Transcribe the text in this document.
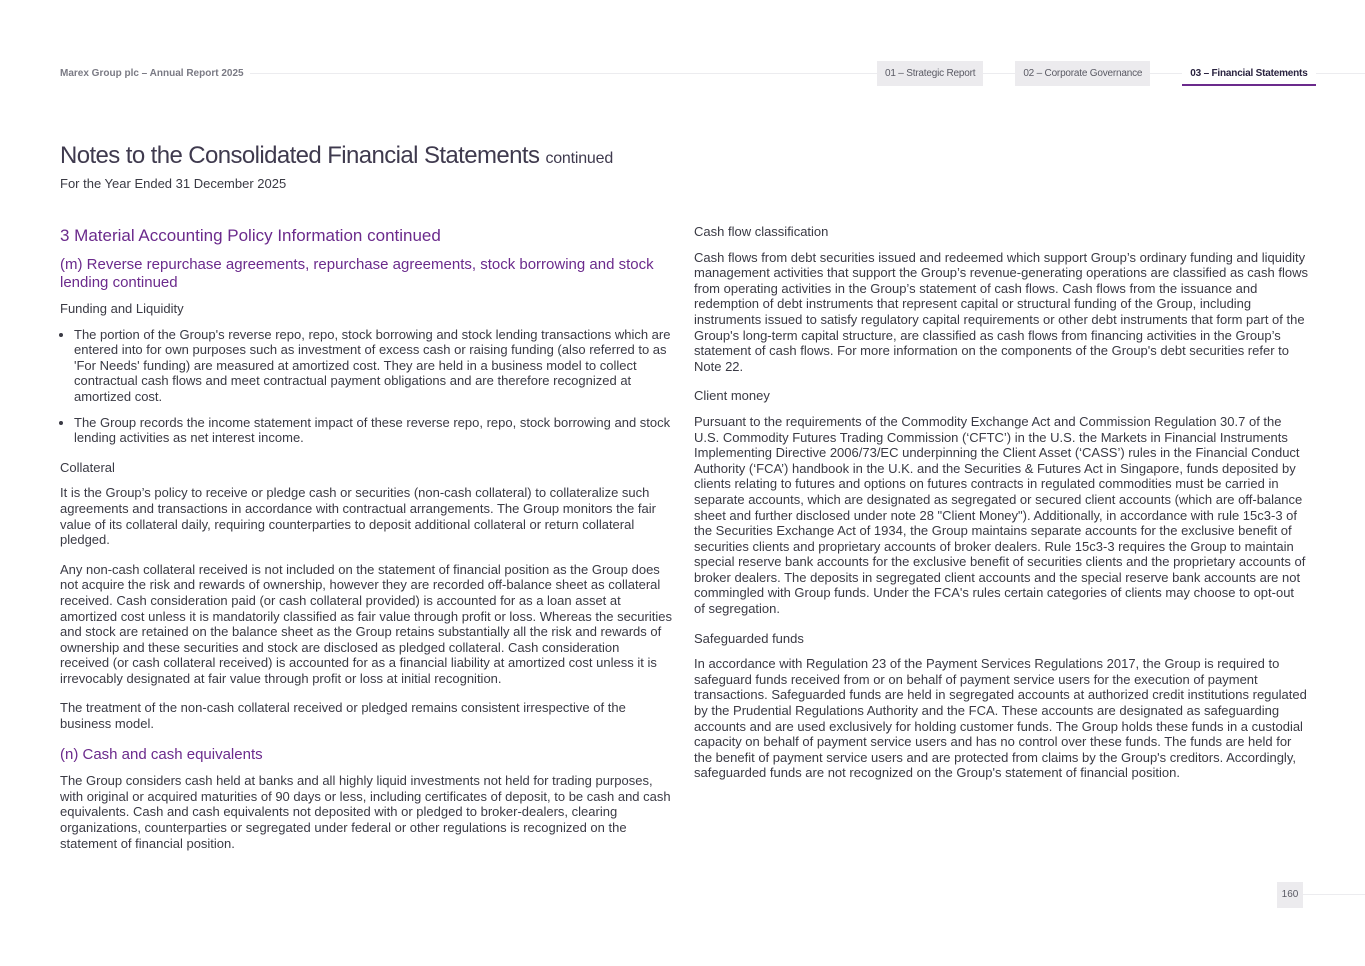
Marex Group plc – Annual Report 2025	01 – Strategic Report	02 – Corporate Governance	03 – Financial Statements
Notes to the Consolidated Financial Statements continued
For the Year Ended 31 December 2025
3 Material Accounting Policy Information continued
(m) Reverse repurchase agreements, repurchase agreements, stock borrowing and stock lending continued
Funding and Liquidity
• The portion of the Group's reverse repo, repo, stock borrowing and stock lending transactions which are entered into for own purposes such as investment of excess cash or raising funding (also referred to as 'For Needs' funding) are measured at amortized cost. They are held in a business model to collect contractual cash flows and meet contractual payment obligations and are therefore recognized at amortized cost.
• The Group records the income statement impact of these reverse repo, repo, stock borrowing and stock lending activities as net interest income.
Collateral

It is the Group’s policy to receive or pledge cash or securities (non-cash collateral) to collateralize such agreements and transactions in accordance with contractual arrangements. The Group monitors the fair value of its collateral daily, requiring counterparties to deposit additional collateral or return collateral pledged.

Any non-cash collateral received is not included on the statement of financial position as the Group does not acquire the risk and rewards of ownership, however they are recorded off-balance sheet as collateral received. Cash consideration paid (or cash collateral provided) is accounted for as a loan asset at amortized cost unless it is mandatorily classified as fair value through profit or loss. Whereas the securities and stock are retained on the balance sheet as the Group retains substantially all the risk and rewards of ownership and these securities and stock are disclosed as pledged collateral. Cash consideration received (or cash collateral received) is accounted for as a financial liability at amortized cost unless it is irrevocably designated at fair value through profit or loss at initial recognition.

The treatment of the non-cash collateral received or pledged remains consistent irrespective of the business model.

(n) Cash and cash equivalents

The Group considers cash held at banks and all highly liquid investments not held for trading purposes, with original or acquired maturities of 90 days or less, including certificates of deposit, to be cash and cash equivalents. Cash and cash equivalents not deposited with or pledged to broker-dealers, clearing organizations, counterparties or segregated under federal or other regulations is recognized on the statement of financial position.

Cash flow classification

Cash flows from debt securities issued and redeemed which support Group’s ordinary funding and liquidity management activities that support the Group’s revenue-generating operations are classified as cash flows from operating activities in the Group’s statement of cash flows. Cash flows from the issuance and redemption of debt instruments that represent capital or structural funding of the Group, including instruments issued to satisfy regulatory capital requirements or other debt instruments that form part of the Group's long-term capital structure, are classified as cash flows from financing activities in the Group’s statement of cash flows. For more information on the components of the Group's debt securities refer to Note 22.

Client money

Pursuant to the requirements of the Commodity Exchange Act and Commission Regulation 30.7 of the U.S. Commodity Futures Trading Commission (‘CFTC’) in the U.S. the Markets in Financial Instruments Implementing Directive 2006/73/EC underpinning the Client Asset (‘CASS’) rules in the Financial Conduct Authority (‘FCA’) handbook in the U.K. and the Securities & Futures Act in Singapore, funds deposited by clients relating to futures and options on futures contracts in regulated commodities must be carried in separate accounts, which are designated as segregated or secured client accounts (which are off-balance sheet and further disclosed under note 28 "Client Money"). Additionally, in accordance with rule 15c3-3 of the Securities Exchange Act of 1934, the Group maintains separate accounts for the exclusive benefit of securities clients and proprietary accounts of broker dealers. Rule 15c3-3 requires the Group to maintain special reserve bank accounts for the exclusive benefit of securities clients and the proprietary accounts of broker dealers. The deposits in segregated client accounts and the special reserve bank accounts are not commingled with Group funds. Under the FCA's rules certain categories of clients may choose to opt-out of segregation.

Safeguarded funds

In accordance with Regulation 23 of the Payment Services Regulations 2017, the Group is required to safeguard funds received from or on behalf of payment service users for the execution of payment transactions. Safeguarded funds are held in segregated accounts at authorized credit institutions regulated by the Prudential Regulations Authority and the FCA. These accounts are designated as safeguarding accounts and are used exclusively for holding customer funds. The Group holds these funds in a custodial capacity on behalf of payment service users and has no control over these funds. The funds are held for the benefit of payment service users and are protected from claims by the Group's creditors. Accordingly, safeguarded funds are not recognized on the Group's statement of financial position.

160
